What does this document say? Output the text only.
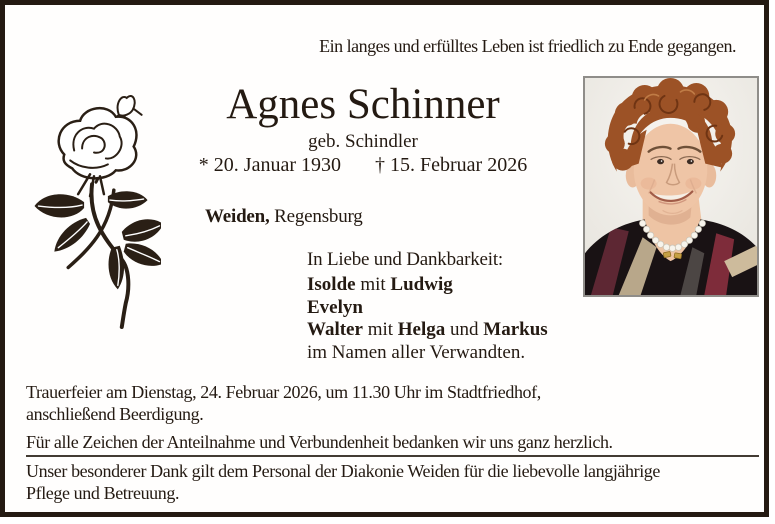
Ein langes und erfülltes Leben ist friedlich zu Ende gegangen.
Agnes Schinner
geb. Schindler
* 20. Januar 1930 † 15. Februar 2026
Weiden, Regensburg
In Liebe und Dankbarkeit:
Isolde mit Ludwig
Evelyn
Walter mit Helga und Markus
im Namen aller Verwandten.
Trauerfeier am Dienstag, 24. Februar 2026, um 11.30 Uhr im Stadtfriedhof,
anschließend Beerdigung.
Für alle Zeichen der Anteilnahme und Verbundenheit bedanken wir uns ganz herzlich.
Unser besonderer Dank gilt dem Personal der Diakonie Weiden für die liebevolle langjährige
Pflege und Betreuung.
